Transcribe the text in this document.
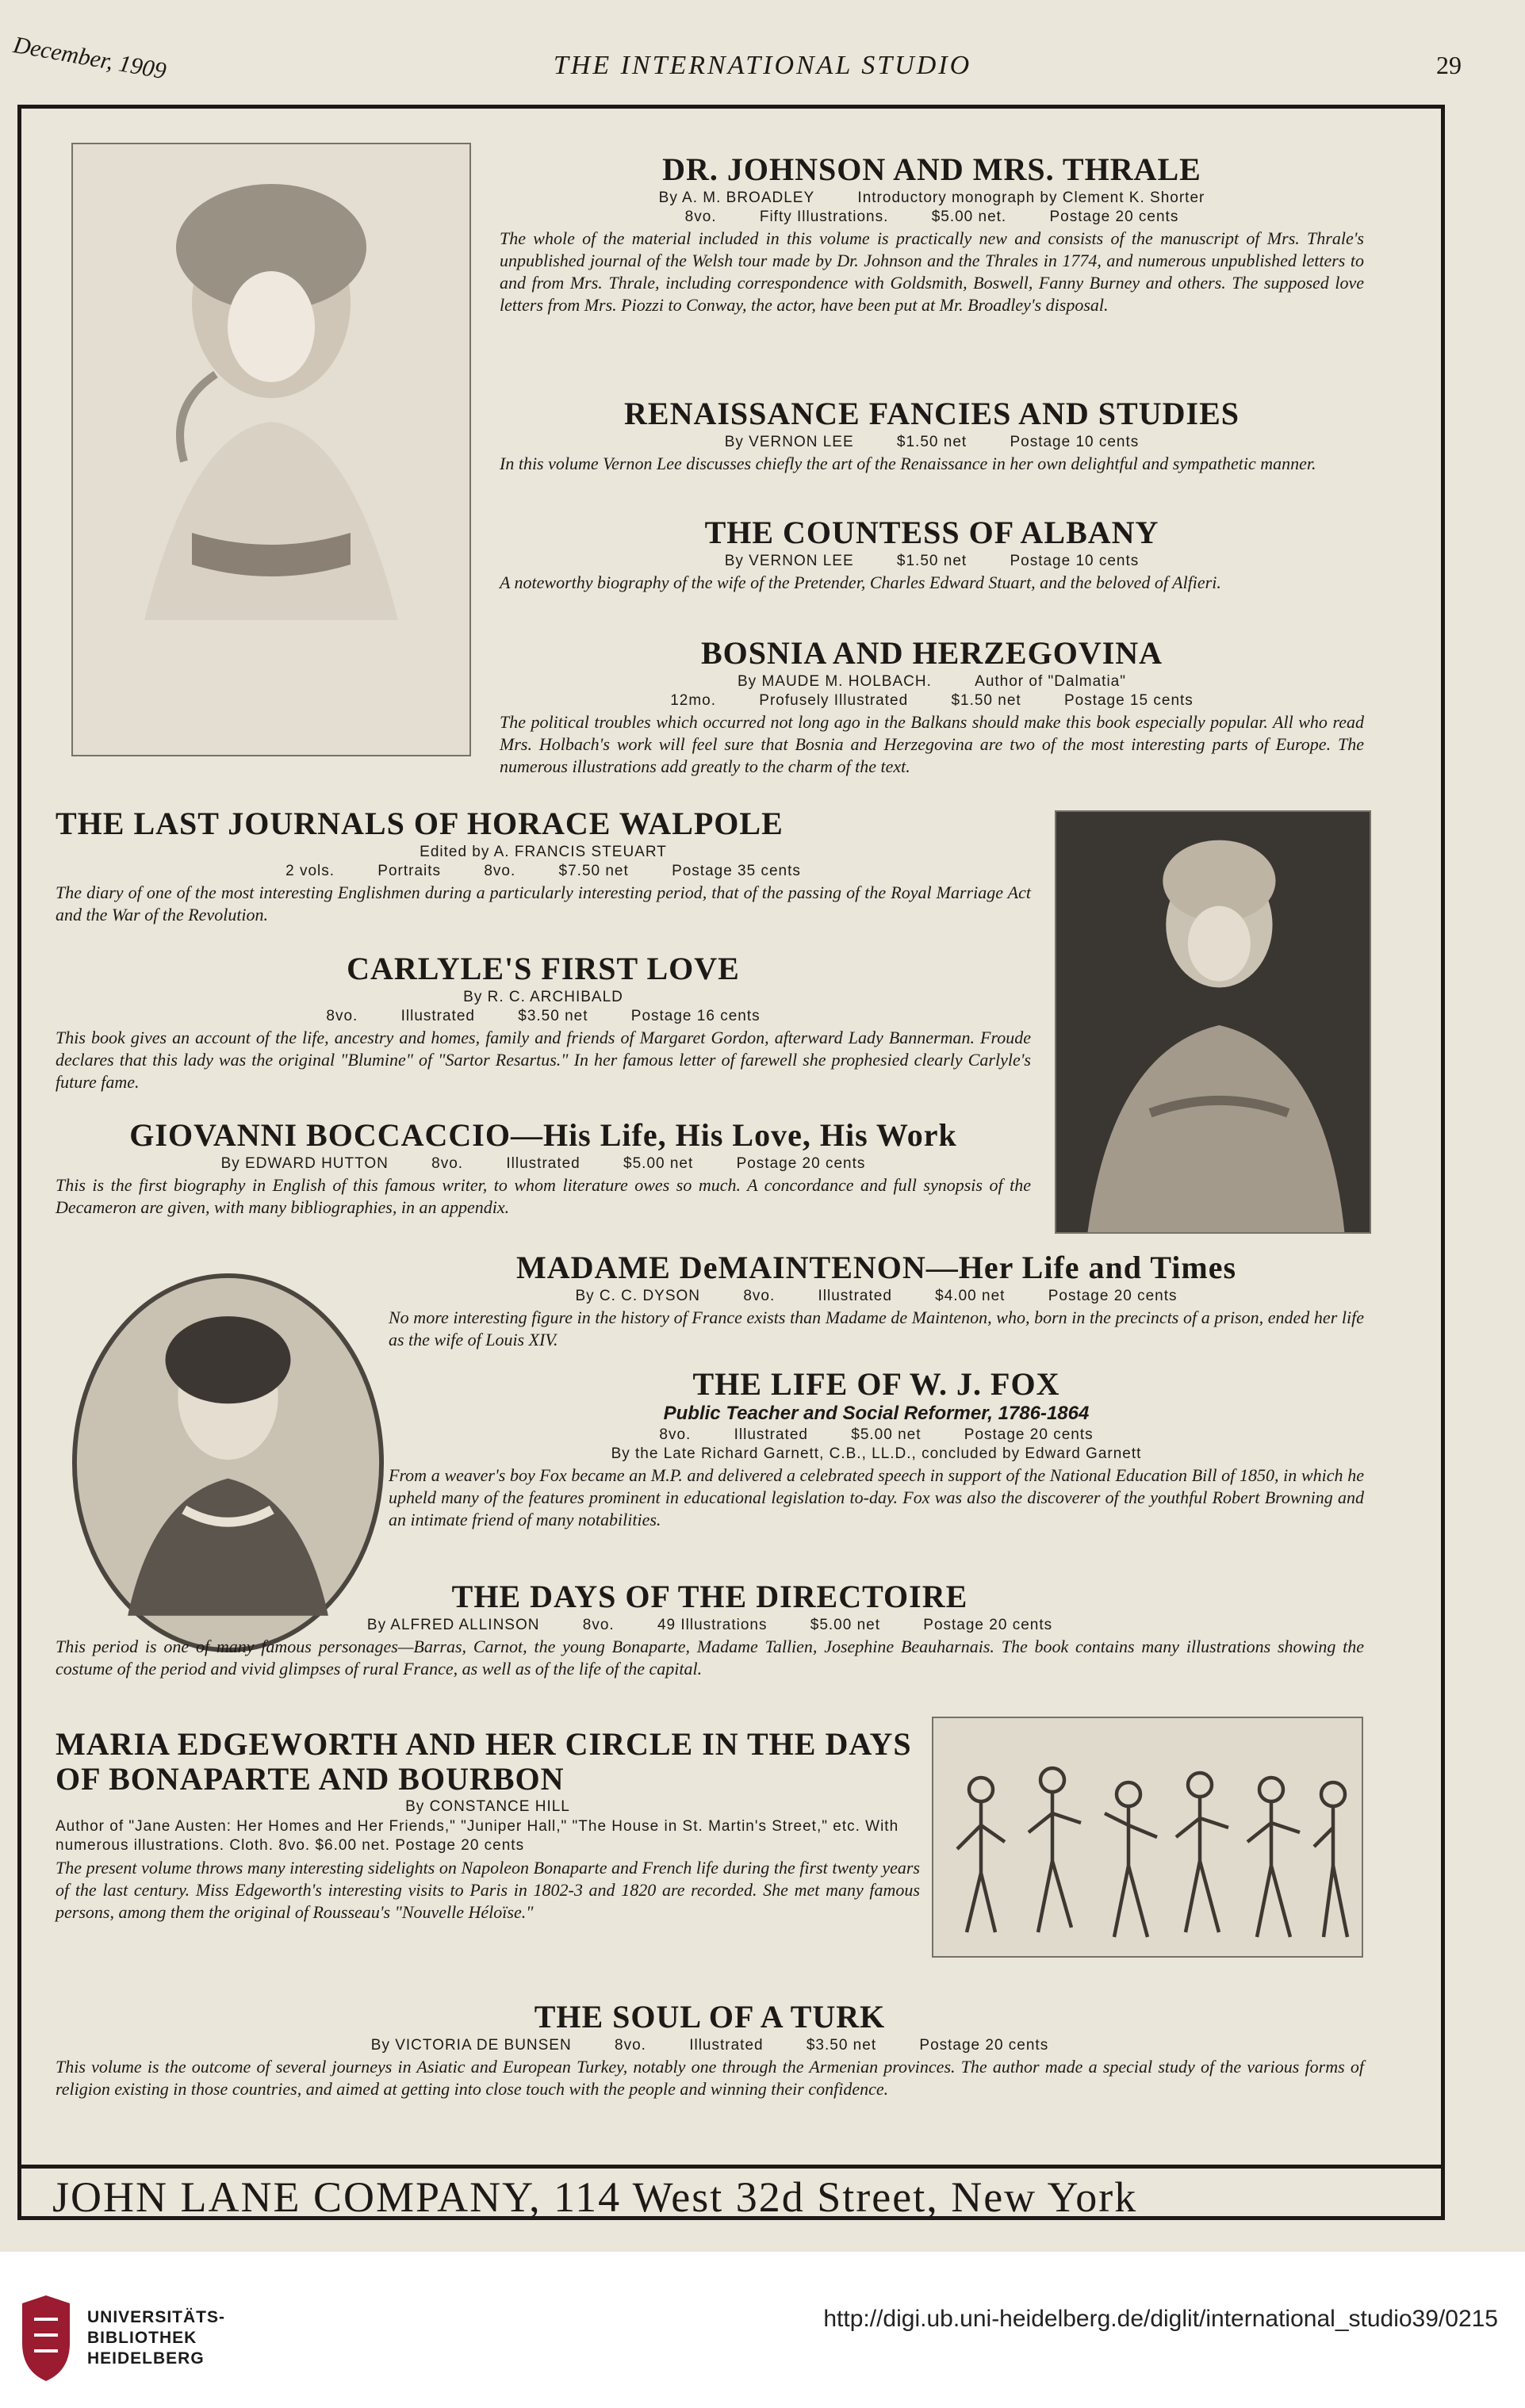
December, 1909	THE INTERNATIONAL STUDIO	29
DR. JOHNSON AND MRS. THRALE
By A. M. BROADLEY	Introductory monograph by Clement K. Shorter
8vo.	Fifty Illustrations.	$5.00 net.	Postage 20 cents
The whole of the material included in this volume is practically new and consists of the manuscript of Mrs. Thrale's unpublished journal of the Welsh tour made by Dr. Johnson and the Thrales in 1774, and numerous unpublished letters to and from Mrs. Thrale, including correspondence with Goldsmith, Boswell, Fanny Burney and others. The supposed love letters from Mrs. Piozzi to Conway, the actor, have been put at Mr. Broadley's disposal.
RENAISSANCE FANCIES AND STUDIES
By VERNON LEE	$1.50 net	Postage 10 cents
In this volume Vernon Lee discusses chiefly the art of the Renaissance in her own delightful and sympathetic manner.
THE COUNTESS OF ALBANY
By VERNON LEE	$1.50 net	Postage 10 cents
A noteworthy biography of the wife of the Pretender, Charles Edward Stuart, and the beloved of Alfieri.
BOSNIA AND HERZEGOVINA
By MAUDE M. HOLBACH.	Author of "Dalmatia"
12mo.	Profusely Illustrated	$1.50 net	Postage 15 cents
The political troubles which occurred not long ago in the Balkans should make this book especially popular. All who read Mrs. Holbach's work will feel sure that Bosnia and Herzegovina are two of the most interesting parts of Europe. The numerous illustrations add greatly to the charm of the text.
THE LAST JOURNALS OF HORACE WALPOLE
Edited by A. FRANCIS STEUART
2 vols.	Portraits	8vo.	$7.50 net	Postage 35 cents
The diary of one of the most interesting Englishmen during a particularly interesting period, that of the passing of the Royal Marriage Act and the War of the Revolution.
CARLYLE'S FIRST LOVE
By R. C. ARCHIBALD
8vo.	Illustrated	$3.50 net	Postage 16 cents
This book gives an account of the life, ancestry and homes, family and friends of Margaret Gordon, afterward Lady Bannerman. Froude declares that this lady was the original "Blumine" of "Sartor Resartus." In her famous letter of farewell she prophesied clearly Carlyle's future fame.
GIOVANNI BOCCACCIO—His Life, His Love, His Work
By EDWARD HUTTON	8vo.	Illustrated	$5.00 net	Postage 20 cents
This is the first biography in English of this famous writer, to whom literature owes so much. A concordance and full synopsis of the Decameron are given, with many bibliographies, in an appendix.
MADAME DeMAINTENON—Her Life and Times
By C. C. DYSON	8vo.	Illustrated	$4.00 net	Postage 20 cents
No more interesting figure in the history of France exists than Madame de Maintenon, who, born in the precincts of a prison, ended her life as the wife of Louis XIV.
THE LIFE OF W. J. FOX
Public Teacher and Social Reformer, 1786-1864
8vo.	Illustrated	$5.00 net	Postage 20 cents
By the Late Richard Garnett, C.B., LL.D., concluded by Edward Garnett
From a weaver's boy Fox became an M.P. and delivered a celebrated speech in support of the National Education Bill of 1850, in which he upheld many of the features prominent in educational legislation to-day. Fox was also the discoverer of the youthful Robert Browning and an intimate friend of many notabilities.
THE DAYS OF THE DIRECTOIRE
By ALFRED ALLINSON	8vo.	49 Illustrations	$5.00 net	Postage 20 cents
This period is one of many famous personages—Barras, Carnot, the young Bonaparte, Madame Tallien, Josephine Beauharnais. The book contains many illustrations showing the costume of the period and vivid glimpses of rural France, as well as of the life of the capital.
MARIA EDGEWORTH AND HER CIRCLE IN THE DAYS OF BONAPARTE AND BOURBON
By CONSTANCE HILL
Author of "Jane Austen: Her Homes and Her Friends," "Juniper Hall," "The House in St. Martin's Street," etc. With numerous illustrations. Cloth. 8vo. $6.00 net. Postage 20 cents
The present volume throws many interesting sidelights on Napoleon Bonaparte and French life during the first twenty years of the last century. Miss Edgeworth's interesting visits to Paris in 1802-3 and 1820 are recorded. She met many famous persons, among them the original of Rousseau's "Nouvelle Héloïse."
THE SOUL OF A TURK
By VICTORIA DE BUNSEN	8vo.	Illustrated	$3.50 net	Postage 20 cents
This volume is the outcome of several journeys in Asiatic and European Turkey, notably one through the Armenian provinces. The author made a special study of the various forms of religion existing in those countries, and aimed at getting into close touch with the people and winning their confidence.
JOHN LANE COMPANY, 114 West 32d Street, New York
UNIVERSITÄTS-
BIBLIOTHEK
HEIDELBERG
http://digi.ub.uni-heidelberg.de/diglit/international_studio39/0215
